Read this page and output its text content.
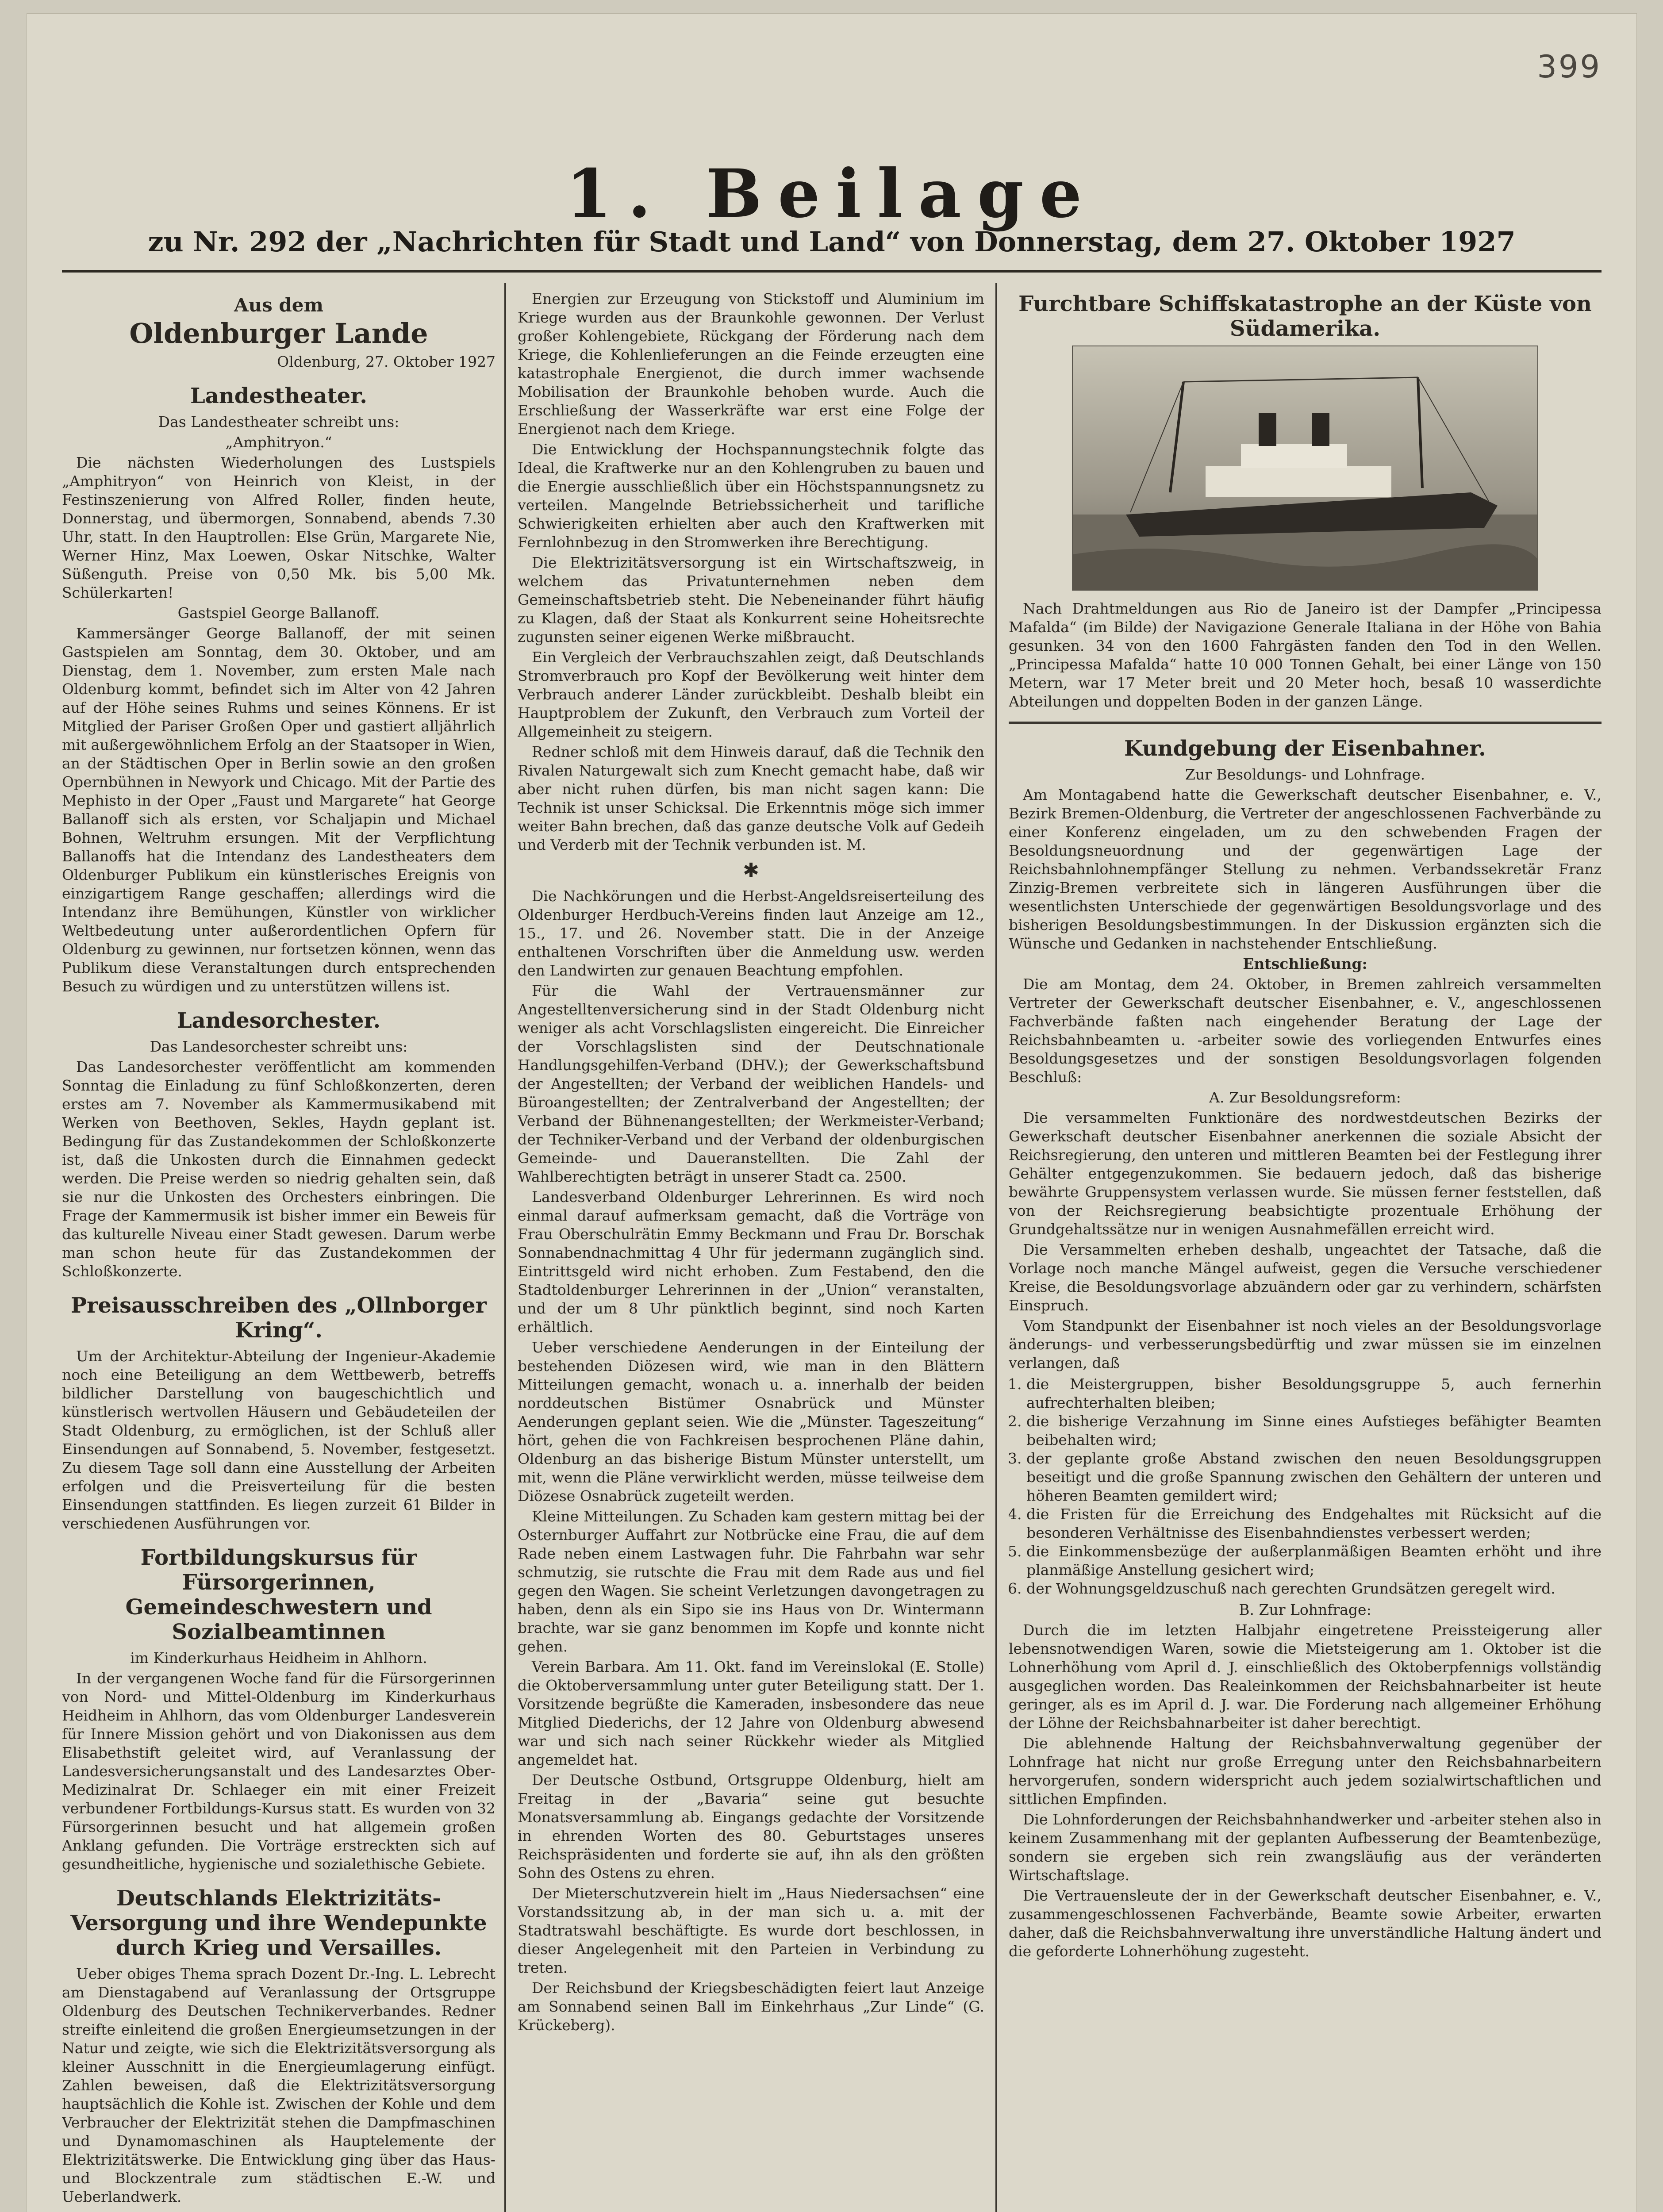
399
1. Beilage
zu Nr. 292 der „Nachrichten für Stadt und Land“ von Donnerstag, dem 27. Oktober 1927
Aus dem
Oldenburger Lande
Oldenburg, 27. Oktober 1927
Landestheater.

Das Landestheater schreibt uns:

„Amphitryon.“

Die nächsten Wiederholungen des Lustspiels „Amphitryon“ von Heinrich von Kleist, in der Festinszenierung von Alfred Roller, finden heute, Donnerstag, und übermorgen, Sonnabend, abends 7.30 Uhr, statt. In den Hauptrollen: Else Grün, Margarete Nie, Werner Hinz, Max Loewen, Oskar Nitschke, Walter Süßenguth. Preise von 0,50 Mk. bis 5,00 Mk. Schülerkarten!

Gastspiel George Ballanoff.

Kammersänger George Ballanoff, der mit seinen Gastspielen am Sonntag, dem 30. Oktober, und am Dienstag, dem 1. November, zum ersten Male nach Oldenburg kommt, befindet sich im Alter von 42 Jahren auf der Höhe seines Ruhms und seines Könnens. Er ist Mitglied der Pariser Großen Oper und gastiert alljährlich mit außergewöhnlichem Erfolg an der Staatsoper in Wien, an der Städtischen Oper in Berlin sowie an den großen Opernbühnen in Newyork und Chicago. Mit der Partie des Mephisto in der Oper „Faust und Margarete“ hat George Ballanoff sich als ersten, vor Schaljapin und Michael Bohnen, Weltruhm ersungen. Mit der Verpflichtung Ballanoffs hat die Intendanz des Landestheaters dem Oldenburger Publikum ein künstlerisches Ereignis von einzigartigem Range geschaffen; allerdings wird die Intendanz ihre Bemühungen, Künstler von wirklicher Weltbedeutung unter außerordentlichen Opfern für Oldenburg zu gewinnen, nur fortsetzen können, wenn das Publikum diese Veranstaltungen durch entsprechenden Besuch zu würdigen und zu unterstützen willens ist.

Landesorchester.

Das Landesorchester schreibt uns:

Das Landesorchester veröffentlicht am kommenden Sonntag die Einladung zu fünf Schloßkonzerten, deren erstes am 7. November als Kammermusikabend mit Werken von Beethoven, Sekles, Haydn geplant ist. Bedingung für das Zustandekommen der Schloßkonzerte ist, daß die Unkosten durch die Einnahmen gedeckt werden. Die Preise werden so niedrig gehalten sein, daß sie nur die Unkosten des Orchesters einbringen. Die Frage der Kammermusik ist bisher immer ein Beweis für das kulturelle Niveau einer Stadt gewesen. Darum werbe man schon heute für das Zustandekommen der Schloßkonzerte.

Preisausschreiben des „Ollnborger Kring“.

Um der Architektur-Abteilung der Ingenieur-Akademie noch eine Beteiligung an dem Wettbewerb, betreffs bildlicher Darstellung von baugeschichtlich und künstlerisch wertvollen Häusern und Gebäudeteilen der Stadt Oldenburg, zu ermöglichen, ist der Schluß aller Einsendungen auf Sonnabend, 5. November, festgesetzt. Zu diesem Tage soll dann eine Ausstellung der Arbeiten erfolgen und die Preisverteilung für die besten Einsendungen stattfinden. Es liegen zurzeit 61 Bilder in verschiedenen Ausführungen vor.

Fortbildungskursus für Fürsorgerinnen, Gemeindeschwestern und Sozialbeamtinnen

im Kinderkurhaus Heidheim in Ahlhorn.

In der vergangenen Woche fand für die Fürsorgerinnen von Nord- und Mittel-Oldenburg im Kinderkurhaus Heidheim in Ahlhorn, das vom Oldenburger Landesverein für Innere Mission gehört und von Diakonissen aus dem Elisabethstift geleitet wird, auf Veranlassung der Landesversicherungsanstalt und des Landesarztes Ober-Medizinalrat Dr. Schlaeger ein mit einer Freizeit verbundener Fortbildungs-Kursus statt. Es wurden von 32 Fürsorgerinnen besucht und hat allgemein großen Anklang gefunden. Die Vorträge erstreckten sich auf gesundheitliche, hygienische und sozialethische Gebiete.

Deutschlands Elektrizitäts-Versorgung und ihre Wendepunkte durch Krieg und Versailles.

Ueber obiges Thema sprach Dozent Dr.-Ing. L. Lebrecht am Dienstagabend auf Veranlassung der Ortsgruppe Oldenburg des Deutschen Technikerverbandes. Redner streifte einleitend die großen Energieumsetzungen in der Natur und zeigte, wie sich die Elektrizitätsversorgung als kleiner Ausschnitt in die Energieumlagerung einfügt. Zahlen beweisen, daß die Elektrizitätsversorgung hauptsächlich die Kohle ist. Zwischen der Kohle und dem Verbraucher der Elektrizität stehen die Dampfmaschinen und Dynamomaschinen als Hauptelemente der Elektrizitätswerke. Die Entwicklung ging über das Haus- und Blockzentrale zum städtischen E.-W. und Ueberlandwerk.

Energien zur Erzeugung von Stickstoff und Aluminium im Kriege wurden aus der Braunkohle gewonnen. Der Verlust großer Kohlengebiete, Rückgang der Förderung nach dem Kriege, die Kohlenlieferungen an die Feinde erzeugten eine katastrophale Energienot, die durch immer wachsende Mobilisation der Braunkohle behoben wurde. Auch die Erschließung der Wasserkräfte war erst eine Folge der Energienot nach dem Kriege.

Die Entwicklung der Hochspannungstechnik folgte das Ideal, die Kraftwerke nur an den Kohlengruben zu bauen und die Energie ausschließlich über ein Höchstspannungsnetz zu verteilen. Mangelnde Betriebssicherheit und tarifliche Schwierigkeiten erhielten aber auch den Kraftwerken mit Fernlohnbezug in den Stromwerken ihre Berechtigung.

Die Elektrizitätsversorgung ist ein Wirtschaftszweig, in welchem das Privatunternehmen neben dem Gemeinschaftsbetrieb steht. Die Nebeneinander führt häufig zu Klagen, daß der Staat als Konkurrent seine Hoheitsrechte zugunsten seiner eigenen Werke mißbraucht.

Ein Vergleich der Verbrauchszahlen zeigt, daß Deutschlands Stromverbrauch pro Kopf der Bevölkerung weit hinter dem Verbrauch anderer Länder zurückbleibt. Deshalb bleibt ein Hauptproblem der Zukunft, den Verbrauch zum Vorteil der Allgemeinheit zu steigern.

Redner schloß mit dem Hinweis darauf, daß die Technik den Rivalen Naturgewalt sich zum Knecht gemacht habe, daß wir aber nicht ruhen dürfen, bis man nicht sagen kann: Die Technik ist unser Schicksal. Die Erkenntnis möge sich immer weiter Bahn brechen, daß das ganze deutsche Volk auf Gedeih und Verderb mit der Technik verbunden ist. M.

✱

Die Nachkörungen und die Herbst-Angeldsreiserteilung des Oldenburger Herdbuch-Vereins finden laut Anzeige am 12., 15., 17. und 26. November statt. Die in der Anzeige enthaltenen Vorschriften über die Anmeldung usw. werden den Landwirten zur genauen Beachtung empfohlen.

Für die Wahl der Vertrauensmänner zur Angestelltenversicherung sind in der Stadt Oldenburg nicht weniger als acht Vorschlagslisten eingereicht. Die Einreicher der Vorschlagslisten sind der Deutschnationale Handlungsgehilfen-Verband (DHV.); der Gewerkschaftsbund der Angestellten; der Verband der weiblichen Handels- und Büroangestellten; der Zentralverband der Angestellten; der Verband der Bühnenangestellten; der Werkmeister-Verband; der Techniker-Verband und der Verband der oldenburgischen Gemeinde- und Daueranstellten. Die Zahl der Wahlberechtigten beträgt in unserer Stadt ca. 2500.

Landesverband Oldenburger Lehrerinnen. Es wird noch einmal darauf aufmerksam gemacht, daß die Vorträge von Frau Oberschulrätin Emmy Beckmann und Frau Dr. Borschak Sonnabendnachmittag 4 Uhr für jedermann zugänglich sind. Eintrittsgeld wird nicht erhoben. Zum Festabend, den die Stadtoldenburger Lehrerinnen in der „Union“ veranstalten, und der um 8 Uhr pünktlich beginnt, sind noch Karten erhältlich.

Ueber verschiedene Aenderungen in der Einteilung der bestehenden Diözesen wird, wie man in den Blättern Mitteilungen gemacht, wonach u. a. innerhalb der beiden norddeutschen Bistümer Osnabrück und Münster Aenderungen geplant seien. Wie die „Münster. Tageszeitung“ hört, gehen die von Fachkreisen besprochenen Pläne dahin, Oldenburg an das bisherige Bistum Münster unterstellt, um mit, wenn die Pläne verwirklicht werden, müsse teilweise dem Diözese Osnabrück zugeteilt werden.

Kleine Mitteilungen. Zu Schaden kam gestern mittag bei der Osternburger Auffahrt zur Notbrücke eine Frau, die auf dem Rade neben einem Lastwagen fuhr. Die Fahrbahn war sehr schmutzig, sie rutschte die Frau mit dem Rade aus und fiel gegen den Wagen. Sie scheint Verletzungen davongetragen zu haben, denn als ein Sipo sie ins Haus von Dr. Wintermann brachte, war sie ganz benommen im Kopfe und konnte nicht gehen.

Verein Barbara. Am 11. Okt. fand im Vereinslokal (E. Stolle) die Oktoberversammlung unter guter Beteiligung statt. Der 1. Vorsitzende begrüßte die Kameraden, insbesondere das neue Mitglied Diederichs, der 12 Jahre von Oldenburg abwesend war und sich nach seiner Rückkehr wieder als Mitglied angemeldet hat.

Der Deutsche Ostbund, Ortsgruppe Oldenburg, hielt am Freitag in der „Bavaria“ seine gut besuchte Monatsversammlung ab. Eingangs gedachte der Vorsitzende in ehrenden Worten des 80. Geburtstages unseres Reichspräsidenten und forderte sie auf, ihn als den größten Sohn des Ostens zu ehren.

Der Mieterschutzverein hielt im „Haus Niedersachsen“ eine Vorstandssitzung ab, in der man sich u. a. mit der Stadtratswahl beschäftigte. Es wurde dort beschlossen, in dieser Angelegenheit mit den Parteien in Verbindung zu treten.

Der Reichsbund der Kriegsbeschädigten feiert laut Anzeige am Sonnabend seinen Ball im Einkehrhaus „Zur Linde“ (G. Krückeberg).

Furchtbare Schiffskatastrophe an der Küste von Südamerika.

Nach Drahtmeldungen aus Rio de Janeiro ist der Dampfer „Principessa Mafalda“ (im Bilde) der Navigazione Generale Italiana in der Höhe von Bahia gesunken. 34 von den 1600 Fahrgästen fanden den Tod in den Wellen. „Principessa Mafalda“ hatte 10 000 Tonnen Gehalt, bei einer Länge von 150 Metern, war 17 Meter breit und 20 Meter hoch, besaß 10 wasserdichte Abteilungen und doppelten Boden in der ganzen Länge.

Kundgebung der Eisenbahner.

Zur Besoldungs- und Lohnfrage.

Am Montagabend hatte die Gewerkschaft deutscher Eisenbahner, e. V., Bezirk Bremen-Oldenburg, die Vertreter der angeschlossenen Fachverbände zu einer Konferenz eingeladen, um zu den schwebenden Fragen der Besoldungsneuordnung und der gegenwärtigen Lage der Reichsbahnlohnempfänger Stellung zu nehmen. Verbandssekretär Franz Zinzig-Bremen verbreitete sich in längeren Ausführungen über die wesentlichsten Unterschiede der gegenwärtigen Besoldungsvorlage und des bisherigen Besoldungsbestimmungen. In der Diskussion ergänzten sich die Wünsche und Gedanken in nachstehender Entschließung.

Entschließung:

Die am Montag, dem 24. Oktober, in Bremen zahlreich versammelten Vertreter der Gewerkschaft deutscher Eisenbahner, e. V., angeschlossenen Fachverbände faßten nach eingehender Beratung der Lage der Reichsbahnbeamten u. -arbeiter sowie des vorliegenden Entwurfes eines Besoldungsgesetzes und der sonstigen Besoldungsvorlagen folgenden Beschluß:

A. Zur Besoldungsreform:

Die versammelten Funktionäre des nordwestdeutschen Bezirks der Gewerkschaft deutscher Eisenbahner anerkennen die soziale Absicht der Reichsregierung, den unteren und mittleren Beamten bei der Festlegung ihrer Gehälter entgegenzukommen. Sie bedauern jedoch, daß das bisherige bewährte Gruppensystem verlassen wurde. Sie müssen ferner feststellen, daß von der Reichsregierung beabsichtigte prozentuale Erhöhung der Grundgehaltssätze nur in wenigen Ausnahmefällen erreicht wird.

Die Versammelten erheben deshalb, ungeachtet der Tatsache, daß die Vorlage noch manche Mängel aufweist, gegen die Versuche verschiedener Kreise, die Besoldungsvorlage abzuändern oder gar zu verhindern, schärfsten Einspruch.

Vom Standpunkt der Eisenbahner ist noch vieles an der Besoldungsvorlage änderungs- und verbesserungsbedürftig und zwar müssen sie im einzelnen verlangen, daß

1. die Meistergruppen, bisher Besoldungsgruppe 5, auch fernerhin aufrechterhalten bleiben;
2. die bisherige Verzahnung im Sinne eines Aufstieges befähigter Beamten beibehalten wird;
3. der geplante große Abstand zwischen den neuen Besoldungsgruppen beseitigt und die große Spannung zwischen den Gehältern der unteren und höheren Beamten gemildert wird;
4. die Fristen für die Erreichung des Endgehaltes mit Rücksicht auf die besonderen Verhältnisse des Eisenbahndienstes verbessert werden;
5. die Einkommensbezüge der außerplanmäßigen Beamten erhöht und ihre planmäßige Anstellung gesichert wird;
6. der Wohnungsgeldzuschuß nach gerechten Grundsätzen geregelt wird.

B. Zur Lohnfrage:

Durch die im letzten Halbjahr eingetretene Preissteigerung aller lebensnotwendigen Waren, sowie die Mietsteigerung am 1. Oktober ist die Lohnerhöhung vom April d. J. einschließlich des Oktoberpfennigs vollständig ausgeglichen worden. Das Realeinkommen der Reichsbahnarbeiter ist heute geringer, als es im April d. J. war. Die Forderung nach allgemeiner Erhöhung der Löhne der Reichsbahnarbeiter ist daher berechtigt.

Die ablehnende Haltung der Reichsbahnverwaltung gegenüber der Lohnfrage hat nicht nur große Erregung unter den Reichsbahnarbeitern hervorgerufen, sondern widerspricht auch jedem sozialwirtschaftlichen und sittlichen Empfinden.

Die Lohnforderungen der Reichsbahnhandwerker und -arbeiter stehen also in keinem Zusammenhang mit der geplanten Aufbesserung der Beamtenbezüge, sondern sie ergeben sich rein zwangsläufig aus der veränderten Wirtschaftslage.

Die Vertrauensleute der in der Gewerkschaft deutscher Eisenbahner, e. V., zusammengeschlossenen Fachverbände, Beamte sowie Arbeiter, erwarten daher, daß die Reichsbahnverwaltung ihre unverständliche Haltung ändert und die geforderte Lohnerhöhung zugesteht.
